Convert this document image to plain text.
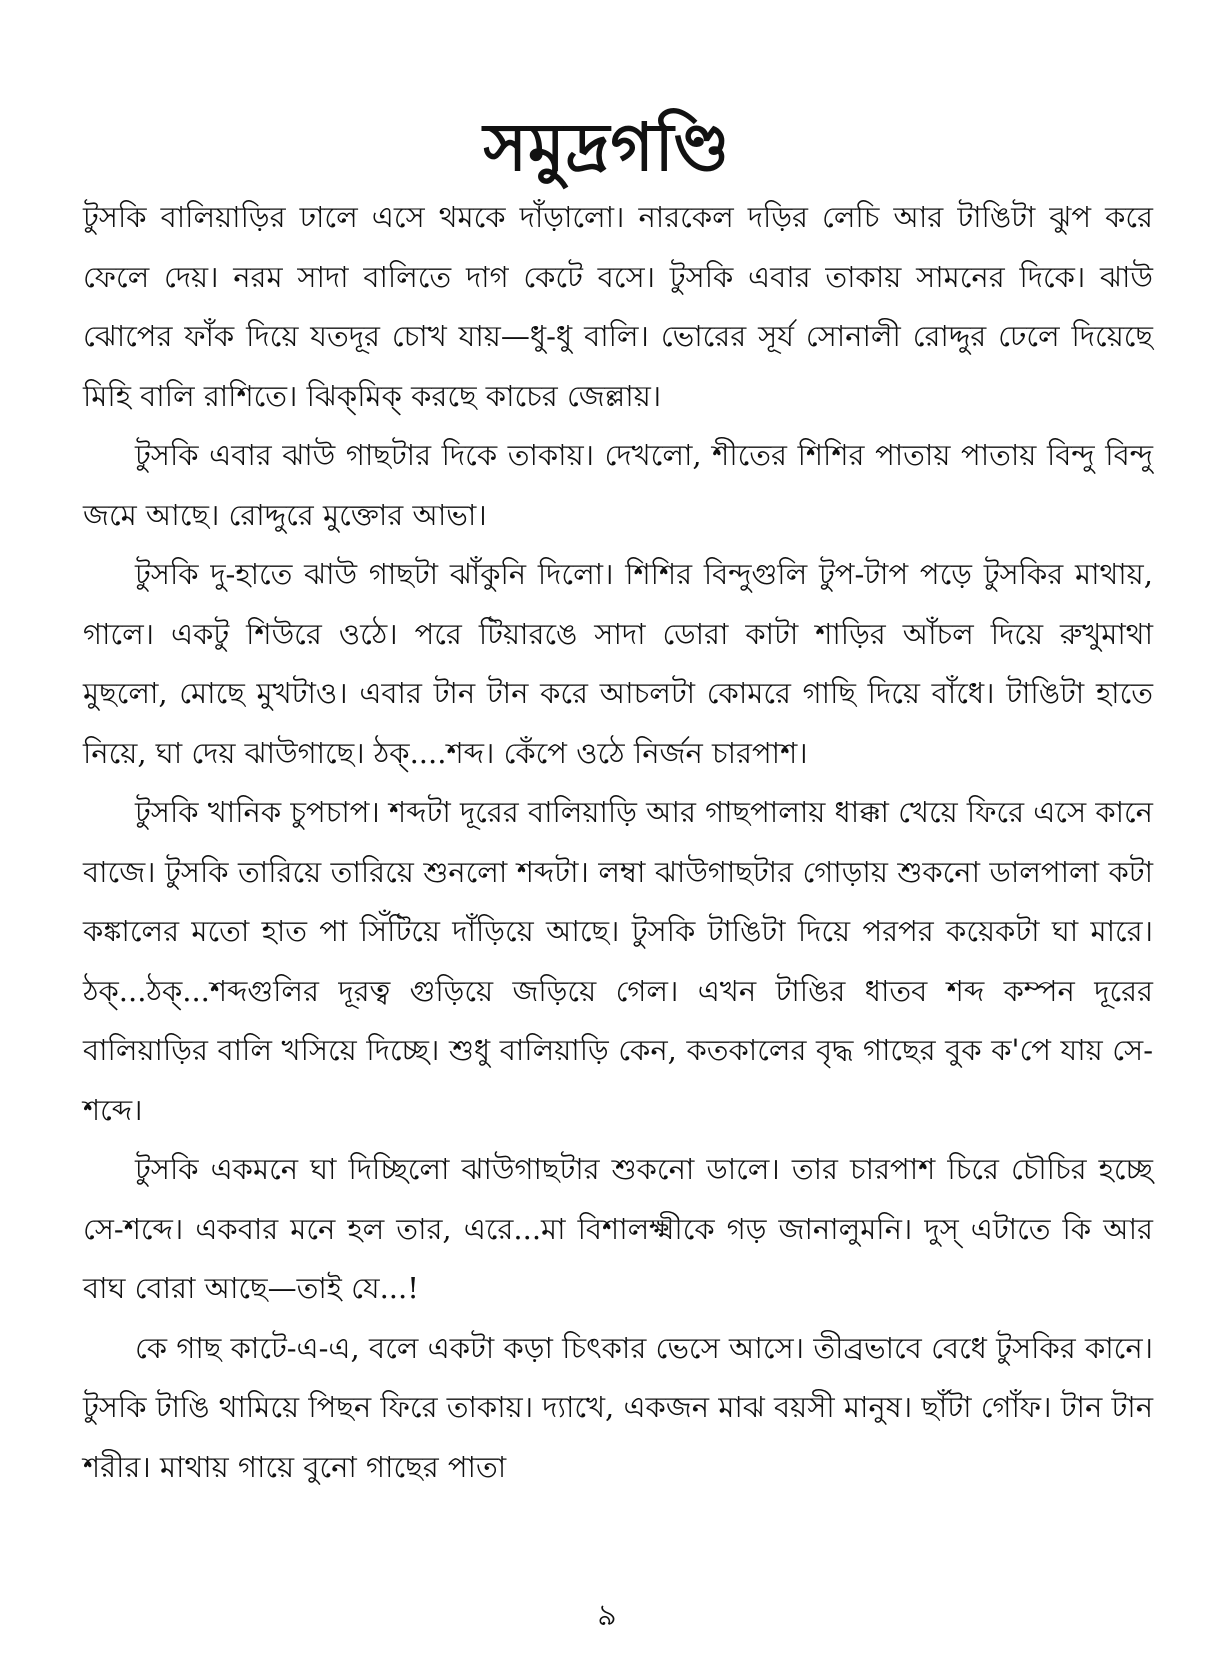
সমুদ্রগণ্ডি

টুসকি বালিয়াড়ির ঢালে এসে থমকে দাঁড়ালো। নারকেল দড়ির লেচি আর টাঙিটা ঝুপ করে ফেলে দেয়। নরম সাদা বালিতে দাগ কেটে বসে। টুসকি এবার তাকায় সামনের দিকে। ঝাউ ঝোপের ফাঁক দিয়ে যতদূর চোখ যায়—ধু-ধু বালি। ভোরের সূর্য সোনালী রোদ্দুর ঢেলে দিয়েছে মিহি বালি রাশিতে। ঝিক্‌মিক্ করছে কাচের জেল্লায়।

টুসকি এবার ঝাউ গাছটার দিকে তাকায়। দেখলো, শীতের শিশির পাতায় পাতায় বিন্দু বিন্দু জমে আছে। রোদ্দুরে মুক্তোর আভা।

টুসকি দু-হাতে ঝাউ গাছটা ঝাঁকুনি দিলো। শিশির বিন্দুগুলি টুপ-টাপ পড়ে টুসকির মাথায়, গালে। একটু শিউরে ওঠে। পরে টিয়ারঙে সাদা ডোরা কাটা শাড়ির আঁচল দিয়ে রুখুমাথা মুছলো, মোছে মুখটাও। এবার টান টান করে আচলটা কোমরে গাছি দিয়ে বাঁধে। টাঙিটা হাতে নিয়ে, ঘা দেয় ঝাউগাছে। ঠক্....শব্দ। কেঁপে ওঠে নির্জন চারপাশ।

টুসকি খানিক চুপচাপ। শব্দটা দূরের বালিয়াড়ি আর গাছপালায় ধাক্কা খেয়ে ফিরে এসে কানে বাজে। টুসকি তারিয়ে তারিয়ে শুনলো শব্দটা। লম্বা ঝাউগাছটার গোড়ায় শুকনো ডালপালা কটা কঙ্কালের মতো হাত পা সিঁটিয়ে দাঁড়িয়ে আছে। টুসকি টাঙিটা দিয়ে পরপর কয়েকটা ঘা মারে। ঠক্...ঠক্...শব্দগুলির দূরত্ব গুড়িয়ে জড়িয়ে গেল। এখন টাঙির ধাতব শব্দ কম্পন দূরের বালিয়াড়ির বালি খসিয়ে দিচ্ছে। শুধু বালিয়াড়ি কেন, কতকালের বৃদ্ধ গাছের বুক ক'পে যায় সে-শব্দে।

টুসকি একমনে ঘা দিচ্ছিলো ঝাউগাছটার শুকনো ডালে। তার চারপাশ চিরে চৌচির হচ্ছে সে-শব্দে। একবার মনে হল তার, এরে...মা বিশালক্ষ্মীকে গড় জানালুমনি। দুস্ এটাতে কি আর বাঘ বোরা আছে—তাই যে...!

কে গাছ কাটে-এ-এ, বলে একটা কড়া চিৎকার ভেসে আসে। তীব্রভাবে বেধে টুসকির কানে। টুসকি টাঙি থামিয়ে পিছন ফিরে তাকায়। দ্যাখে, একজন মাঝ বয়সী মানুষ। ছাঁটা গোঁফ। টান টান শরীর। মাথায় গায়ে বুনো গাছের পাতা

৯
